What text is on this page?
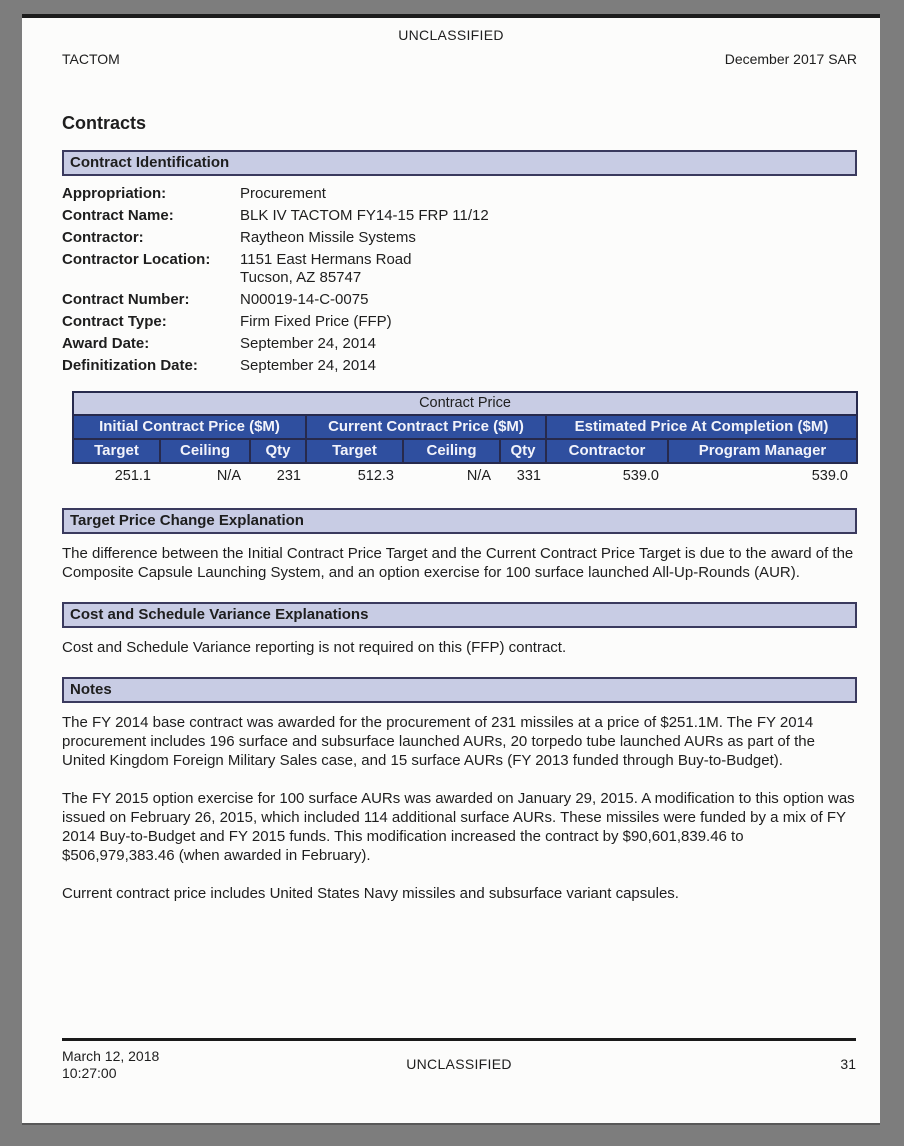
UNCLASSIFIED
TACTOM	December 2017 SAR
Contracts
Contract Identification
Appropriation:	Procurement
Contract Name:	BLK IV TACTOM FY14-15 FRP 11/12
Contractor:	Raytheon Missile Systems
Contractor Location:	1151 East Hermans Road
Tucson, AZ 85747
Contract Number:	N00019-14-C-0075
Contract Type:	Firm Fixed Price (FFP)
Award Date:	September 24, 2014
Definitization Date:	September 24, 2014
Contract Price							
Initial Contract Price ($M)			Current Contract Price ($M)			Estimated Price At Completion ($M)	
Target	Ceiling	Qty	Target	Ceiling	Qty	Contractor	Program Manager
251.1	N/A	231	512.3	N/A	331	539.0	539.0
Target Price Change Explanation

The difference between the Initial Contract Price Target and the Current Contract Price Target is due to the award of the Composite Capsule Launching System, and an option exercise for 100 surface launched All-Up-Rounds (AUR).

Cost and Schedule Variance Explanations

Cost and Schedule Variance reporting is not required on this (FFP) contract.

Notes

The FY 2014 base contract was awarded for the procurement of 231 missiles at a price of $251.1M. The FY 2014 procurement includes 196 surface and subsurface launched AURs, 20 torpedo tube launched AURs as part of the United Kingdom Foreign Military Sales case, and 15 surface AURs (FY 2013 funded through Buy-to-Budget).

The FY 2015 option exercise for 100 surface AURs was awarded on January 29, 2015. A modification to this option was issued on February 26, 2015, which included 114 additional surface AURs. These missiles were funded by a mix of FY 2014 Buy-to-Budget and FY 2015 funds. This modification increased the contract by $90,601,839.46 to $506,979,383.46 (when awarded in February).

Current contract price includes United States Navy missiles and subsurface variant capsules.

March 12, 2018
10:27:00
UNCLASSIFIED	31
